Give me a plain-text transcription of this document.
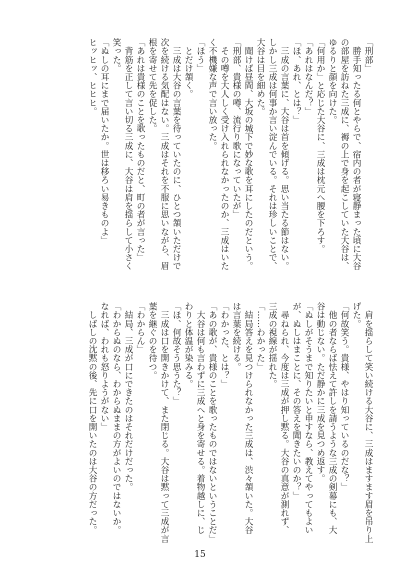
「刑部」
　勝手知ったる何とやらで、宿内の者が寝静まった頃に大谷
の部屋を訪ねた三成に、褥の上で身を起こしていた大谷は、
ゆるりと顔を向けた。
「何用か」と応じた大谷に、三成は枕元へ腰を下ろす。
「あれはなんだ？」
「ほ、あれ、とは？」
　三成の言葉に、大谷は首を傾げる。思い当たる節はない。
しかし三成は何事か言い淀んでいる。それは珍しいことで、
大谷は目を細めた。
　聞けば昼間、大坂の城下で妙な歌を耳にしたのだという。
「刑部、貴様の噂、流行り歌になっていたが」
　その噂を大人しく受け入れられなかったのか、三成はいた
く不機嫌な声で言い放った。
「ほう」
　とだけ頷く。
　三成は大谷の言葉を待っていたのに、ひとつ頷いただけで
次を続ける気配はない。三成はそれを不服に思いながら、眉
根を寄せて先を促した。
「あれは貴様のことを歌ったものだと、町の者が言った」
　背筋を正して言い切る三成に、大谷は肩を揺らして小さく
笑った。
「ぬしの耳にまで届いたか。世は移ろい易きものよ」
ヒッヒッ、ヒヒヒ。
　肩を揺らして笑い続ける大谷に、三成はますます眉を吊り上
げた。
「何故笑う。貴様、やはり知っているのだな？」
　他の者ならば怯えて許しを請うような三成の剣幕にも、大
谷は動じない。ただ静かに三成を見つめ返す。
「ぬしがそうまで知りたいと申すなら、教えてやってもよい
が、ぬしはまことに、その答えを聞きたいのか？」
　尋ねられ、今度は三成が押し黙る。大谷の真意が測れず、
三成の視線が揺れた。
「……わかった」
　結局答えを見つけられなかった三成は、渋々頷いた。大谷
は言葉を続ける。
「わかった、とは？」
「あの歌が、貴様のことを歌ったものではないということだ」
　大谷は何も言わずに三成へと身を寄せる。着物越しに、じ
わりと体温が染みる。
「ほ、何故そう思うた？」
　三成は口を開きかけて、また閉じる。大谷は黙って三成が言
葉を継ぐのを待つ。
「わからん」
　結局、三成が口にできたのはそれだけだった。
「わからぬのなら、わからぬままの方がよいのではないか。
なれば、われも怒りようがない」
　しばしの沈黙の後、先に口を開いたのは大谷の方だった。
15
